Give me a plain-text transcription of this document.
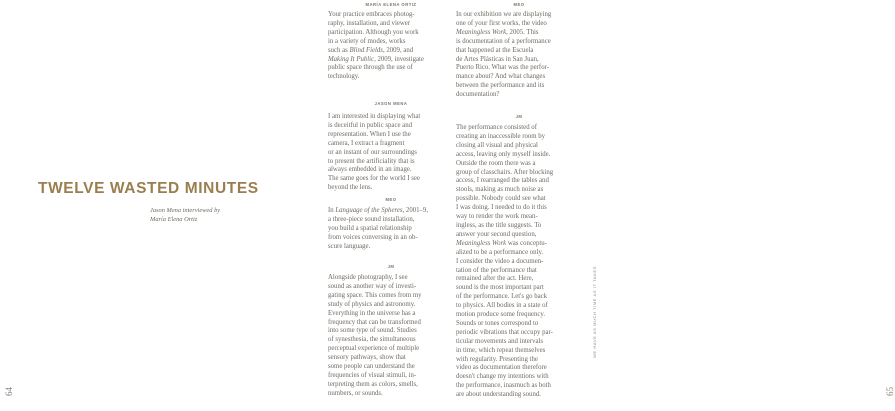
TWELVE WASTED MINUTES
Jason Mena interviewed by
María Elena Ortiz
64	65
WE HAVE AS MUCH TIME AS IT TAKES
MARÍA ELENA ORTIZ
Your practice embraces photog-
raphy, installation, and viewer
participation. Although you work
in a variety of modes, works
such as Blind Fields, 2009, and
Making It Public, 2009, investigate
public space through the use of
technology.
JASON MENA
I am interested in displaying what
is deceitful in public space and
representation. When I use the
camera, I extract a fragment
or an instant of our surroundings
to present the artificiality that is
always embedded in an image.
The same goes for the world I see
beyond the lens.
MEO
In Language of the Spheres, 2001–9,
a three-piece sound installation,
you build a spatial relationship
from voices conversing in an ob-
scure language.
JM
Alongside photography, I see
sound as another way of investi-
gating space. This comes from my
study of physics and astronomy.
Everything in the universe has a
frequency that can be transformed
into some type of sound. Studies
of synesthesia, the simultaneous
perceptual experience of multiple
sensory pathways, show that
some people can understand the
frequencies of visual stimuli, in-
terpreting them as colors, smells,
numbers, or sounds.
MEO
In our exhibition we are displaying
one of your first works, the video
Meaningless Work, 2005. This
is documentation of a performance
that happened at the Escuela
de Artes Plásticas in San Juan,
Puerto Rico. What was the perfor-
mance about? And what changes
between the performance and its
documentation?
JM
The performance consisted of
creating an inaccessible room by
closing all visual and physical
access, leaving only myself inside.
Outside the room there was a
group of classchairs. After blocking
access, I rearranged the tables and
stools, making as much noise as
possible. Nobody could see what
I was doing. I needed to do it this
way to render the work mean-
ingless, as the title suggests. To
answer your second question,
Meaningless Work was conceptu-
alized to be a performance only.
I consider the video a documen-
tation of the performance that
remained after the act. Here,
sound is the most important part
of the performance. Let's go back
to physics. All bodies in a state of
motion produce some frequency.
Sounds or tones correspond to
periodic vibrations that occupy par-
ticular movements and intervals
in time, which repeat themselves
with regularity. Presenting the
video as documentation therefore
doesn't change my intentions with
the performance, inasmuch as both
are about understanding sound.
